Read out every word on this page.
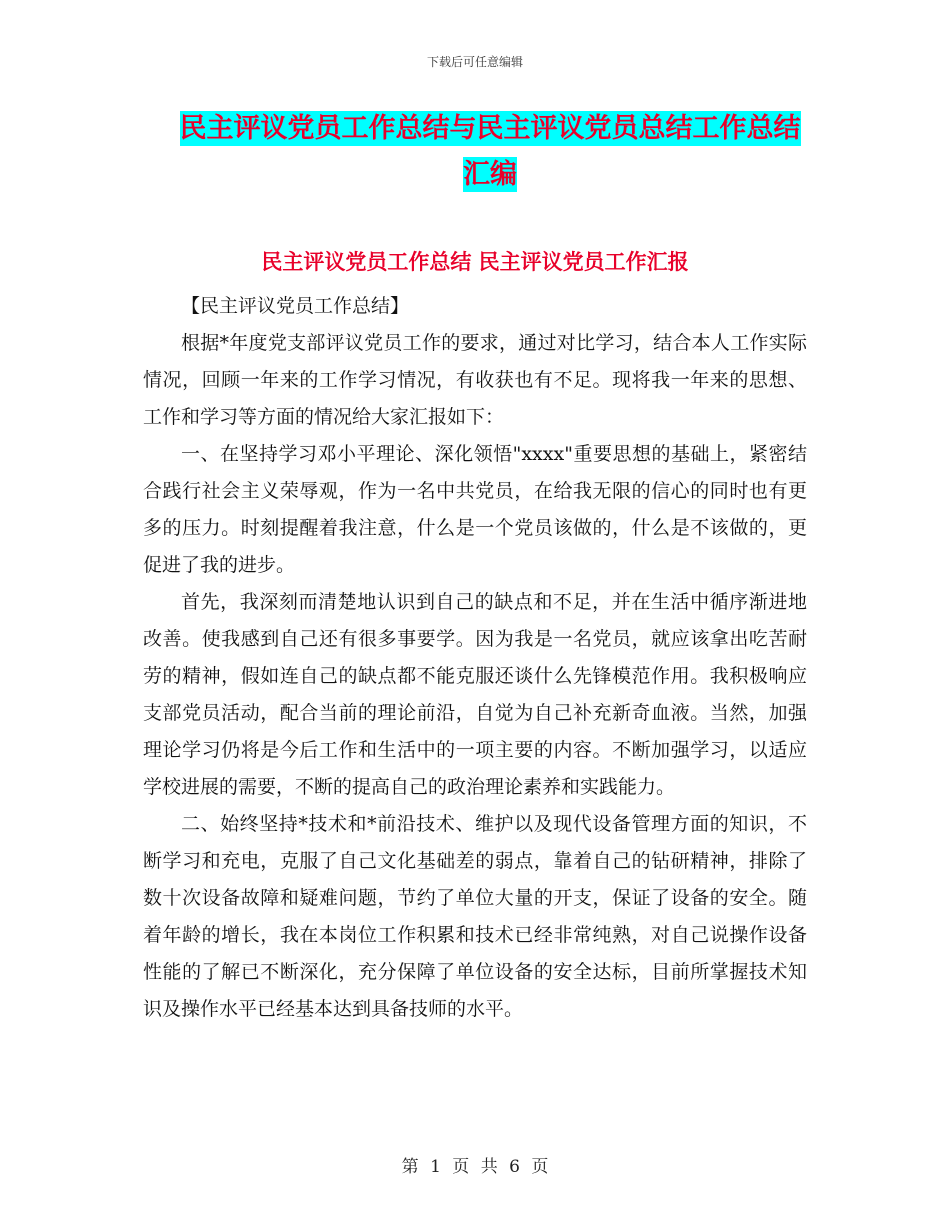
下载后可任意编辑
民主评议党员工作总结与民主评议党员总结工作总结汇编
民主评议党员工作总结 民主评议党员工作汇报

【民主评议党员工作总结】

根据*年度党支部评议党员工作的要求，通过对比学习，结合本人工作实际情况，回顾一年来的工作学习情况，有收获也有不足。现将我一年来的思想、工作和学习等方面的情况给大家汇报如下：

一、在坚持学习邓小平理论、深化领悟"xxxx"重要思想的基础上，紧密结合践行社会主义荣辱观，作为一名中共党员，在给我无限的信心的同时也有更多的压力。时刻提醒着我注意，什么是一个党员该做的，什么是不该做的，更促进了我的进步。

首先，我深刻而清楚地认识到自己的缺点和不足，并在生活中循序渐进地改善。使我感到自己还有很多事要学。因为我是一名党员，就应该拿出吃苦耐劳的精神，假如连自己的缺点都不能克服还谈什么先锋模范作用。我积极响应支部党员活动，配合当前的理论前沿，自觉为自己补充新奇血液。当然，加强理论学习仍将是今后工作和生活中的一项主要的内容。不断加强学习，以适应学校进展的需要，不断的提高自己的政治理论素养和实践能力。

二、始终坚持*技术和*前沿技术、维护以及现代设备管理方面的知识，不断学习和充电，克服了自己文化基础差的弱点，靠着自己的钻研精神，排除了数十次设备故障和疑难问题，节约了单位大量的开支，保证了设备的安全。随着年龄的增长，我在本岗位工作积累和技术已经非常纯熟，对自己说操作设备性能的了解已不断深化，充分保障了单位设备的安全达标，目前所掌握技术知识及操作水平已经基本达到具备技师的水平。

第 1 页 共 6 页
